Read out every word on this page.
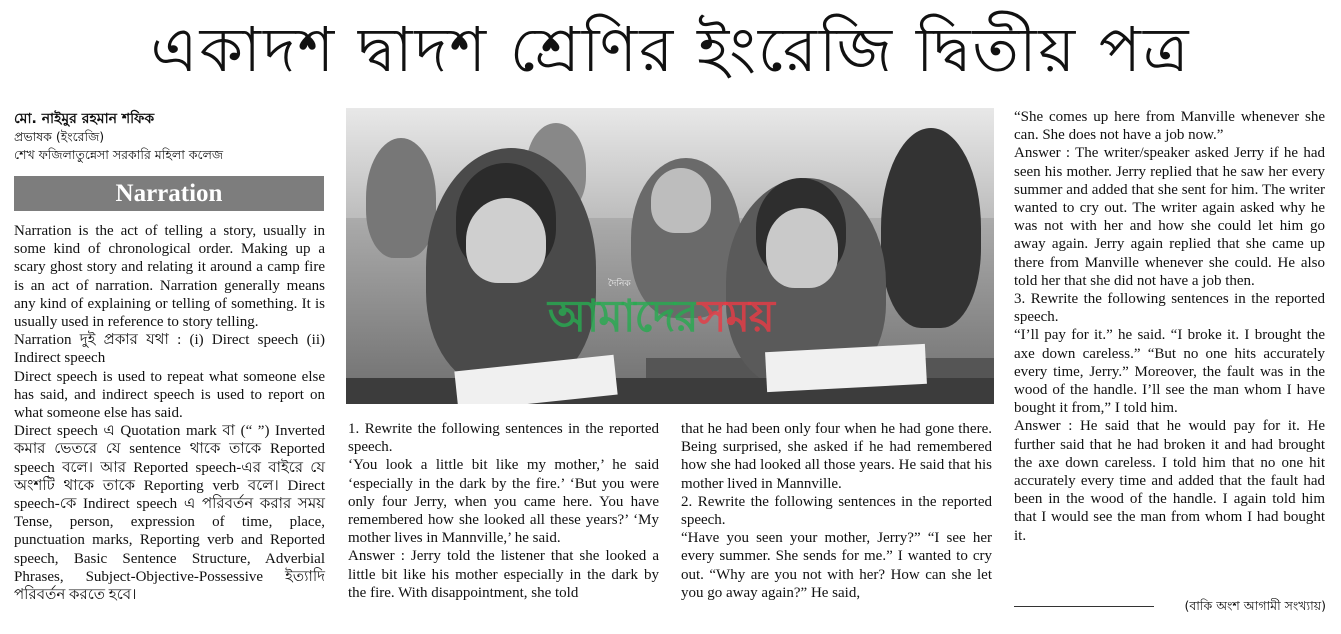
একাদশ দ্বাদশ শ্রেণির ইংরেজি দ্বিতীয় পত্র
মো. নাইমুর রহমান শফিক
প্রভাষক (ইংরেজি)
শেখ ফজিলাতুন্নেসা সরকারি মহিলা কলেজ
Narration

Narration is the act of telling a story, usually in some kind of chronological order. Making up a scary ghost story and relating it around a camp fire is an act of narration. Narration generally means any kind of explaining or telling of something. It is usually used in reference to story telling.

Narration দুই প্রকার যথা : (i) Direct speech (ii) Indirect speech

Direct speech is used to repeat what someone else has said, and indirect speech is used to report on what someone else has said.

Direct speech এ Quotation mark বা (“ ”) Inverted কমার ভেতরে যে sentence থাকে তাকে Reported speech বলে। আর Reported speech-এর বাইরে যে অংশটি থাকে তাকে Reporting verb বলে। Direct speech-কে Indirect speech এ পরিবর্তন করার সময় Tense, person, expression of time, place, punctuation marks, Reporting verb and Reported speech, Basic Sentence Structure, Adverbial Phrases, Subject-Objective-Possessive ইত্যাদি পরিবর্তন করতে হবে।

দৈনিক
আমাদেরসময়

1. Rewrite the following sentences in the reported speech.

‘You look a little bit like my mother,’ he said ‘especially in the dark by the fire.’ ‘But you were only four Jerry, when you came here. You have remembered how she looked all these years?’ ‘My mother lives in Mannville,’ he said.

Answer : Jerry told the listener that she looked a little bit like his mother especially in the dark by the fire. With disappointment, she told

that he had been only four when he had gone there. Being surprised, she asked if he had remembered how she had looked all those years. He said that his mother lived in Mannville.

2. Rewrite the following sentences in the reported speech.

“Have you seen your mother, Jerry?” “I see her every summer. She sends for me.” I wanted to cry out. “Why are you not with her? How can she let you go away again?” He said,

“She comes up here from Manville whenever she can. She does not have a job now.”

Answer : The writer/speaker asked Jerry if he had seen his mother. Jerry replied that he saw her every summer and added that she sent for him. The writer wanted to cry out. The writer again asked why he was not with her and how she could let him go away again. Jerry again replied that she came up there from Manville whenever she could. He also told her that she did not have a job then.

3. Rewrite the following sentences in the reported speech.

“I’ll pay for it.” he said. “I broke it. I brought the axe down careless.” “But no one hits accurately every time, Jerry.” Moreover, the fault was in the wood of the handle. I’ll see the man whom I have bought it from,” I told him.

Answer : He said that he would pay for it. He further said that he had broken it and had brought the axe down careless. I told him that no one hit accurately every time and added that the fault had been in the wood of the handle. I again told him that I would see the man from whom I had bought it.

(বাকি অংশ আগামী সংখ্যায়)
